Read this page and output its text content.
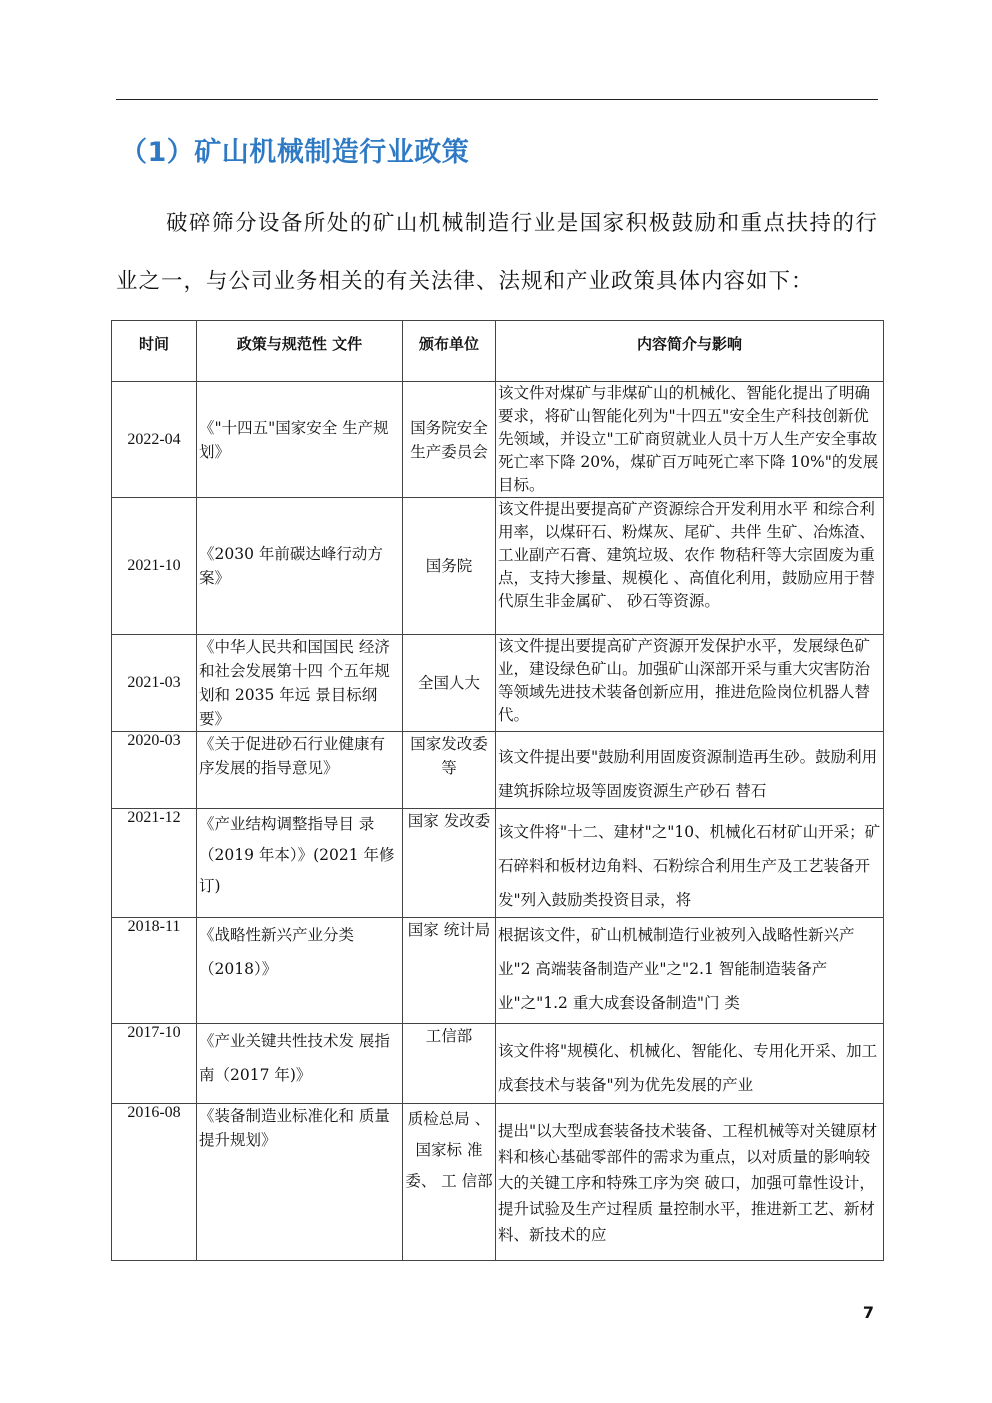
（1）矿山机械制造行业政策
破碎筛分设备所处的矿山机械制造行业是国家积极鼓励和重点扶持的行业之一，与公司业务相关的有关法律、法规和产业政策具体内容如下：
时间	政策与规范性 文件	颁布单位	内容简介与影响
2022-04	《"十四五"国家安全 生产规划》	国务院安全生产委员会	该文件对煤矿与非煤矿山的机械化、智能化提出了明确要求，将矿山智能化列为"十四五"安全生产科技创新优先领域，并设立"工矿商贸就业人员十万人生产安全事故死亡率下降 20%，煤矿百万吨死亡率下降 10%"的发展目标。
2021-10	《2030 年前碳达峰行动方案》	国务院	该文件提出要提高矿产资源综合开发利用水平 和综合利用率，以煤矸石、粉煤灰、尾矿、共伴 生矿、冶炼渣、工业副产石膏、建筑垃圾、农作 物秸秆等大宗固废为重点，支持大掺量、规模化 、高值化利用，鼓励应用于替代原生非金属矿、 砂石等资源。
2021-03	《中华人民共和国国民 经济和社会发展第十四 个五年规划和 2035 年远 景目标纲要》	全国人大	该文件提出要提高矿产资源开发保护水平，发展绿色矿业，建设绿色矿山。加强矿山深部开采与重大灾害防治等领域先进技术装备创新应用，推进危险岗位机器人替代。
2020-03	《关于促进砂石行业健康有序发展的指导意见》	国家发改委等	该文件提出要"鼓励利用固废资源制造再生砂。鼓励利用建筑拆除垃圾等固废资源生产砂石 替石
2021-12	《产业结构调整指导目 录（2019 年本）》(2021 年修订)	国家 发改委	该文件将"十二、建材"之"10、机械化石材矿山开采；矿石碎料和板材边角料、石粉综合利用生产及工艺装备开发"列入鼓励类投资目录，将
2018-11	《战略性新兴产业分类（2018）》	国家 统计局	根据该文件，矿山机械制造行业被列入战略性新兴产业"2 高端装备制造产业"之"2.1 智能制造装备产业"之"1.2 重大成套设备制造"门 类
2017-10	《产业关键共性技术发 展指南（2017 年)》	工信部	该文件将"规模化、机械化、智能化、专用化开采、加工成套技术与装备"列为优先发展的产业
2016-08	《装备制造业标准化和 质量提升规划》	质检总局 、国家标 准委、 工 信部	提出"以大型成套装备技术装备、工程机械等对关键原材料和核心基础零部件的需求为重点，以对质量的影响较大的关键工序和特殊工序为突 破口，加强可靠性设计，提升试验及生产过程质 量控制水平，推进新工艺、新材料、新技术的应
7
